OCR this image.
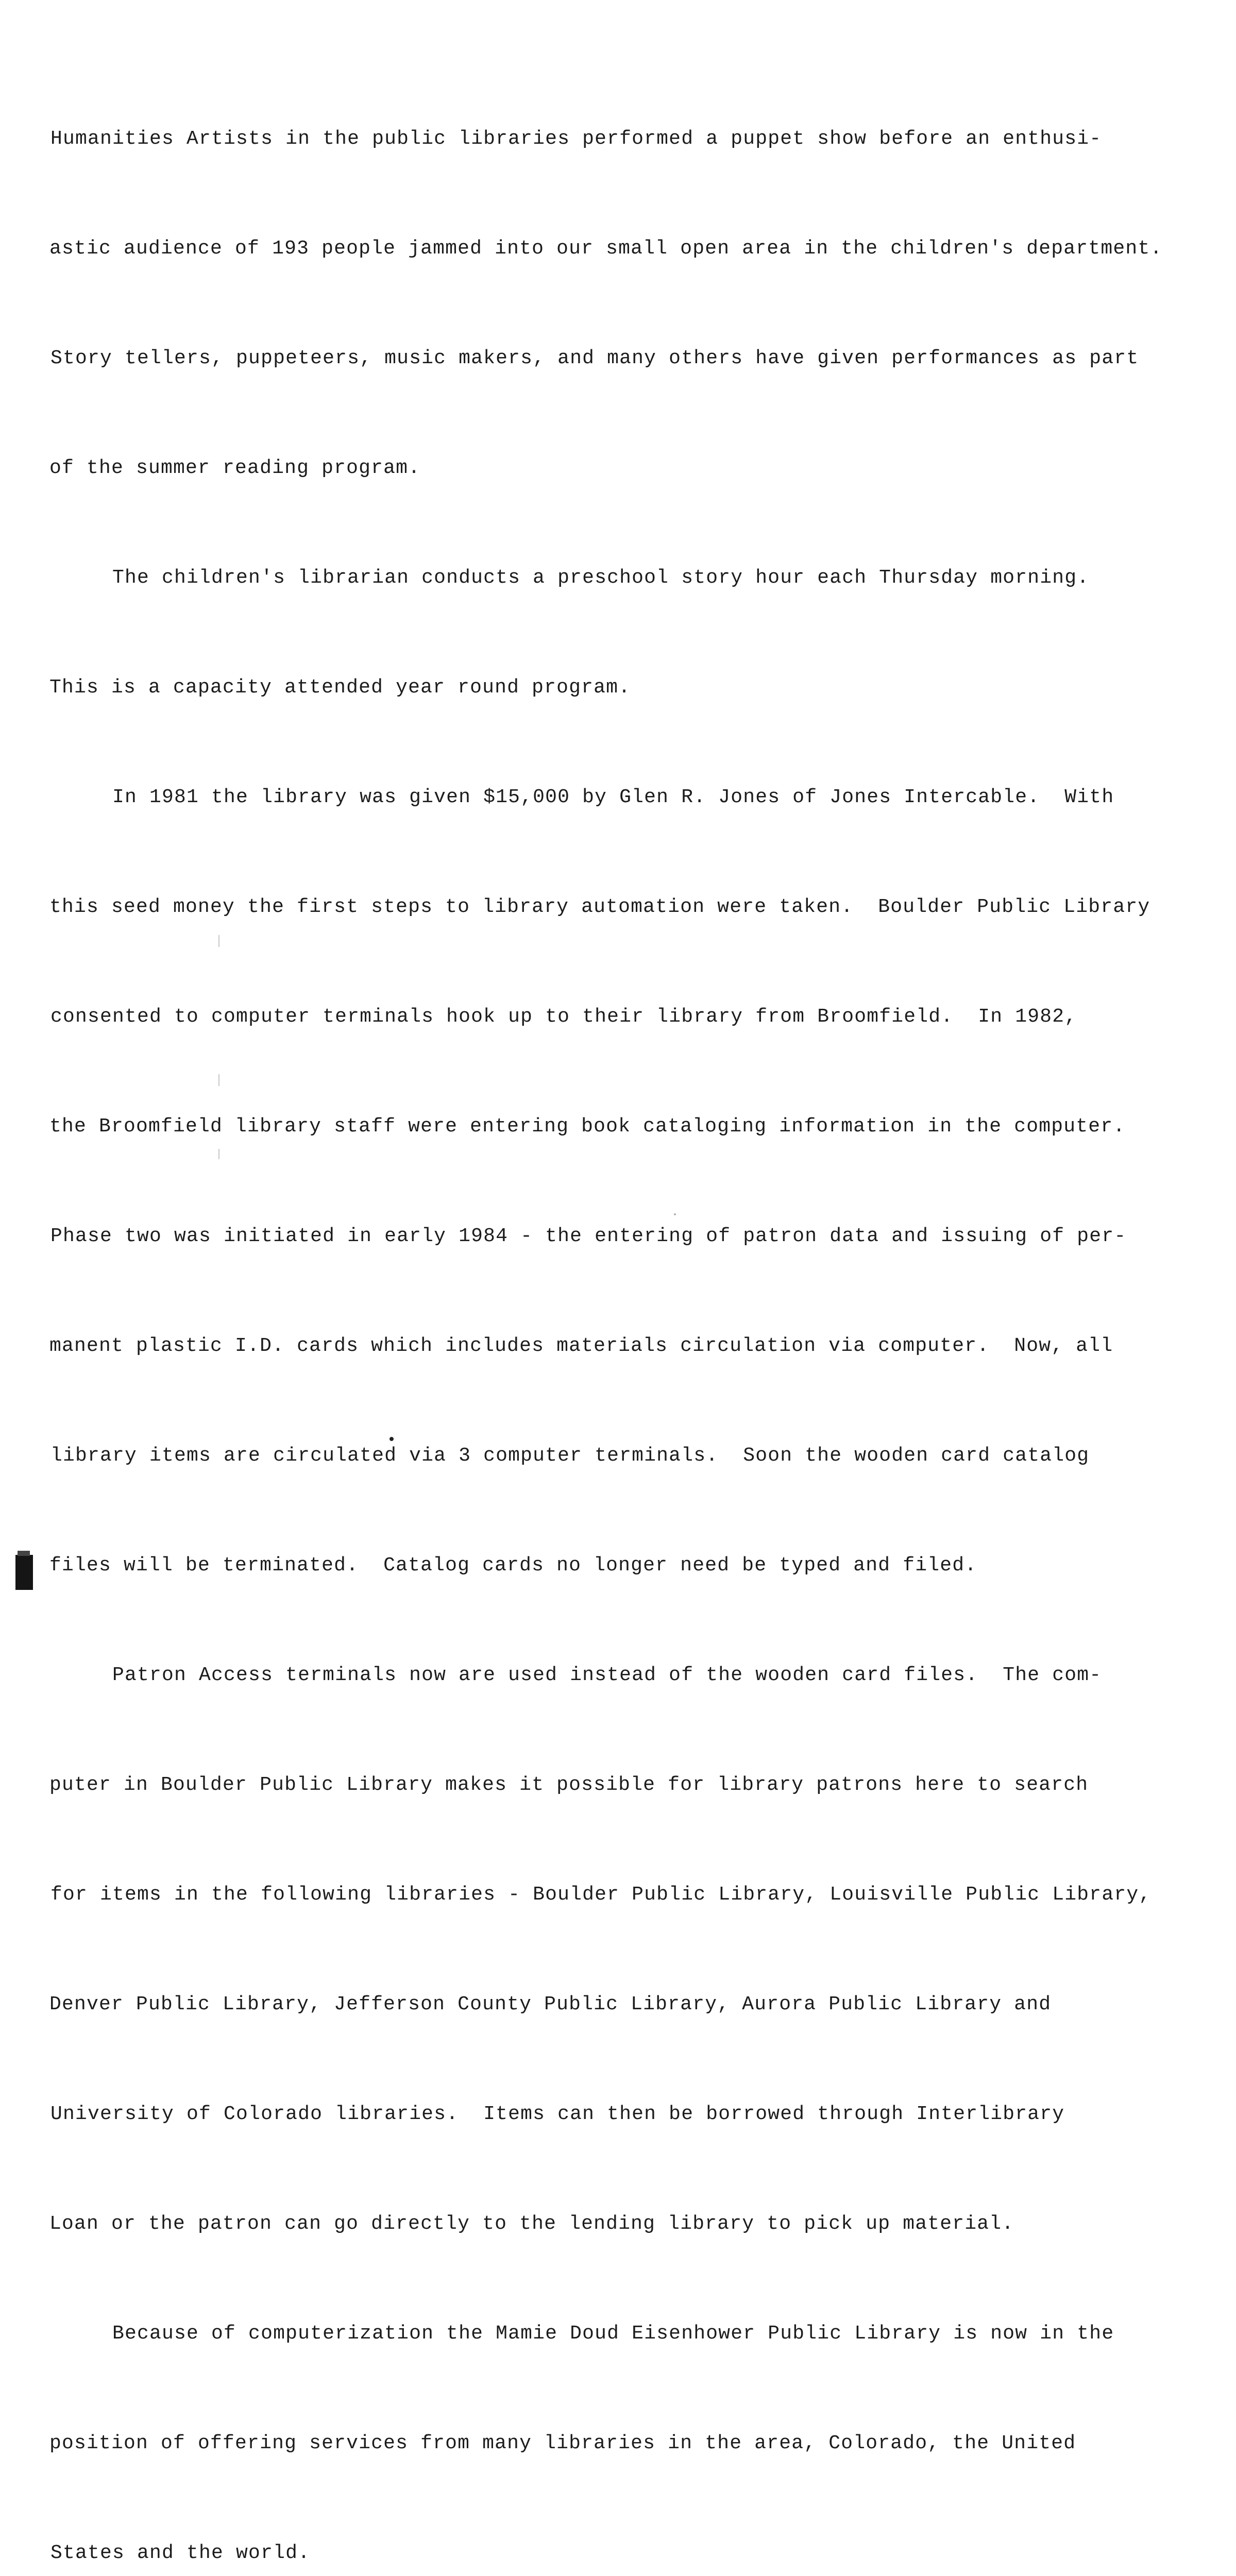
Humanities Artists in the public libraries performed a puppet show before an enthusi-

astic audience of 193 people jammed into our small open area in the children's department.

Story tellers, puppeteers, music makers, and many others have given performances as part

of the summer reading program.

The children's librarian conducts a preschool story hour each Thursday morning.

This is a capacity attended year round program.

In 1981 the library was given $15,000 by Glen R. Jones of Jones Intercable.  With

this seed money the first steps to library automation were taken.  Boulder Public Library

consented to computer terminals hook up to their library from Broomfield.  In 1982,

the Broomfield library staff were entering book cataloging information in the computer.

Phase two was initiated in early 1984 - the entering of patron data and issuing of per-

manent plastic I.D. cards which includes materials circulation via computer.  Now, all

library items are circulated via 3 computer terminals.  Soon the wooden card catalog

files will be terminated.  Catalog cards no longer need be typed and filed.

Patron Access terminals now are used instead of the wooden card files.  The com-

puter in Boulder Public Library makes it possible for library patrons here to search

for items in the following libraries - Boulder Public Library, Louisville Public Library,

Denver Public Library, Jefferson County Public Library, Aurora Public Library and

University of Colorado libraries.  Items can then be borrowed through Interlibrary

Loan or the patron can go directly to the lending library to pick up material.

Because of computerization the Mamie Doud Eisenhower Public Library is now in the

position of offering services from many libraries in the area, Colorado, the United

States and the world.
